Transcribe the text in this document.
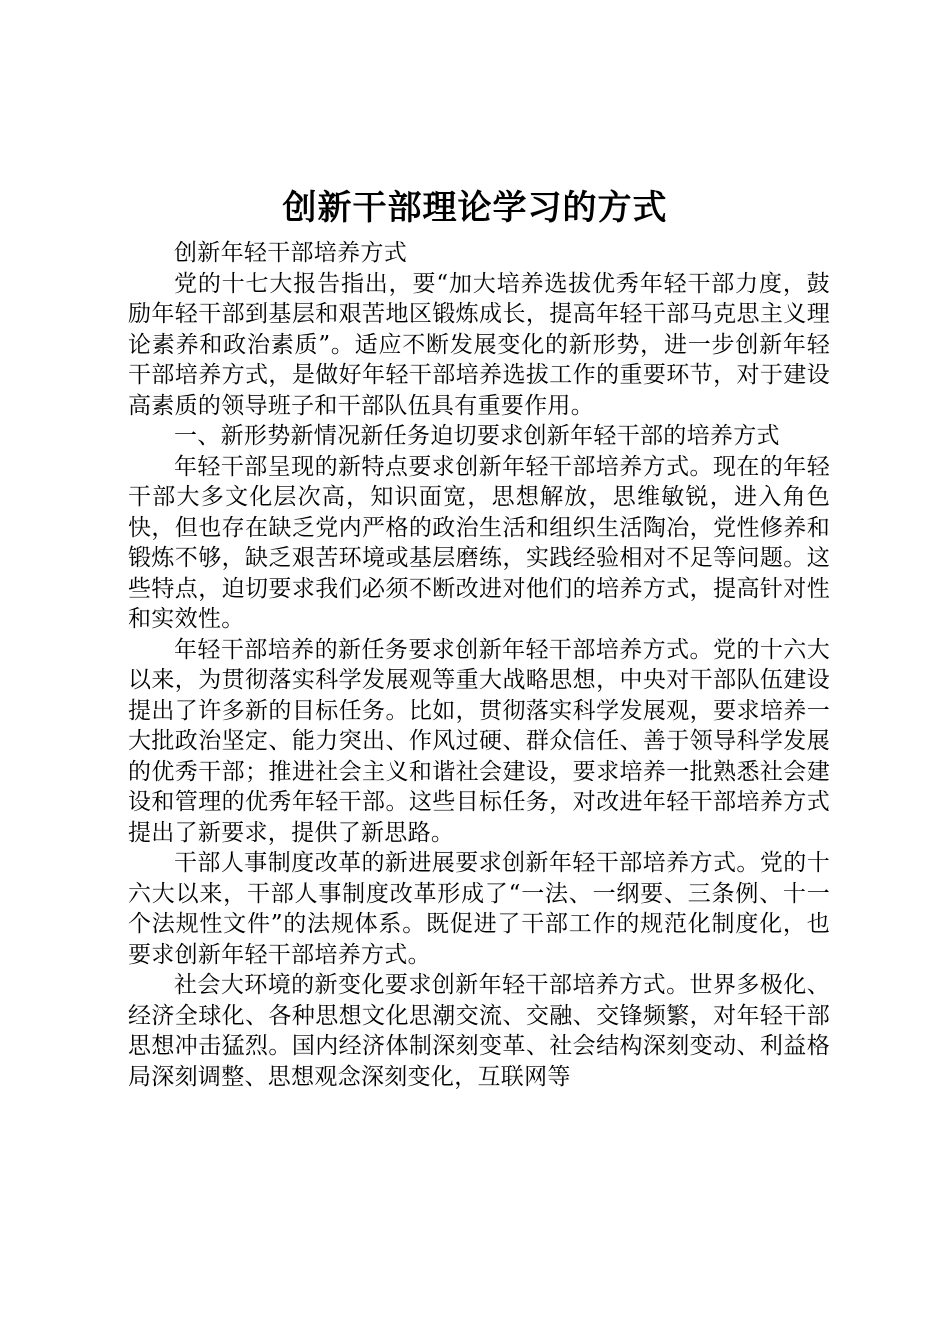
创新干部理论学习的方式

创新年轻干部培养方式

党的十七大报告指出，要“加大培养选拔优秀年轻干部力度，鼓励年轻干部到基层和艰苦地区锻炼成长，提高年轻干部马克思主义理论素养和政治素质”。适应不断发展变化的新形势，进一步创新年轻干部培养方式，是做好年轻干部培养选拔工作的重要环节，对于建设高素质的领导班子和干部队伍具有重要作用。

一、新形势新情况新任务迫切要求创新年轻干部的培养方式

年轻干部呈现的新特点要求创新年轻干部培养方式。现在的年轻干部大多文化层次高，知识面宽，思想解放，思维敏锐，进入角色快，但也存在缺乏党内严格的政治生活和组织生活陶冶，党性修养和锻炼不够，缺乏艰苦环境或基层磨练，实践经验相对不足等问题。这些特点，迫切要求我们必须不断改进对他们的培养方式，提高针对性和实效性。

年轻干部培养的新任务要求创新年轻干部培养方式。党的十六大以来，为贯彻落实科学发展观等重大战略思想，中央对干部队伍建设提出了许多新的目标任务。比如，贯彻落实科学发展观，要求培养一大批政治坚定、能力突出、作风过硬、群众信任、善于领导科学发展的优秀干部；推进社会主义和谐社会建设，要求培养一批熟悉社会建设和管理的优秀年轻干部。这些目标任务，对改进年轻干部培养方式提出了新要求，提供了新思路。

干部人事制度改革的新进展要求创新年轻干部培养方式。党的十六大以来，干部人事制度改革形成了“一法、一纲要、三条例、十一个法规性文件”的法规体系。既促进了干部工作的规范化制度化，也要求创新年轻干部培养方式。

社会大环境的新变化要求创新年轻干部培养方式。世界多极化、经济全球化、各种思想文化思潮交流、交融、交锋频繁，对年轻干部思想冲击猛烈。国内经济体制深刻变革、社会结构深刻变动、利益格局深刻调整、思想观念深刻变化，互联网等
